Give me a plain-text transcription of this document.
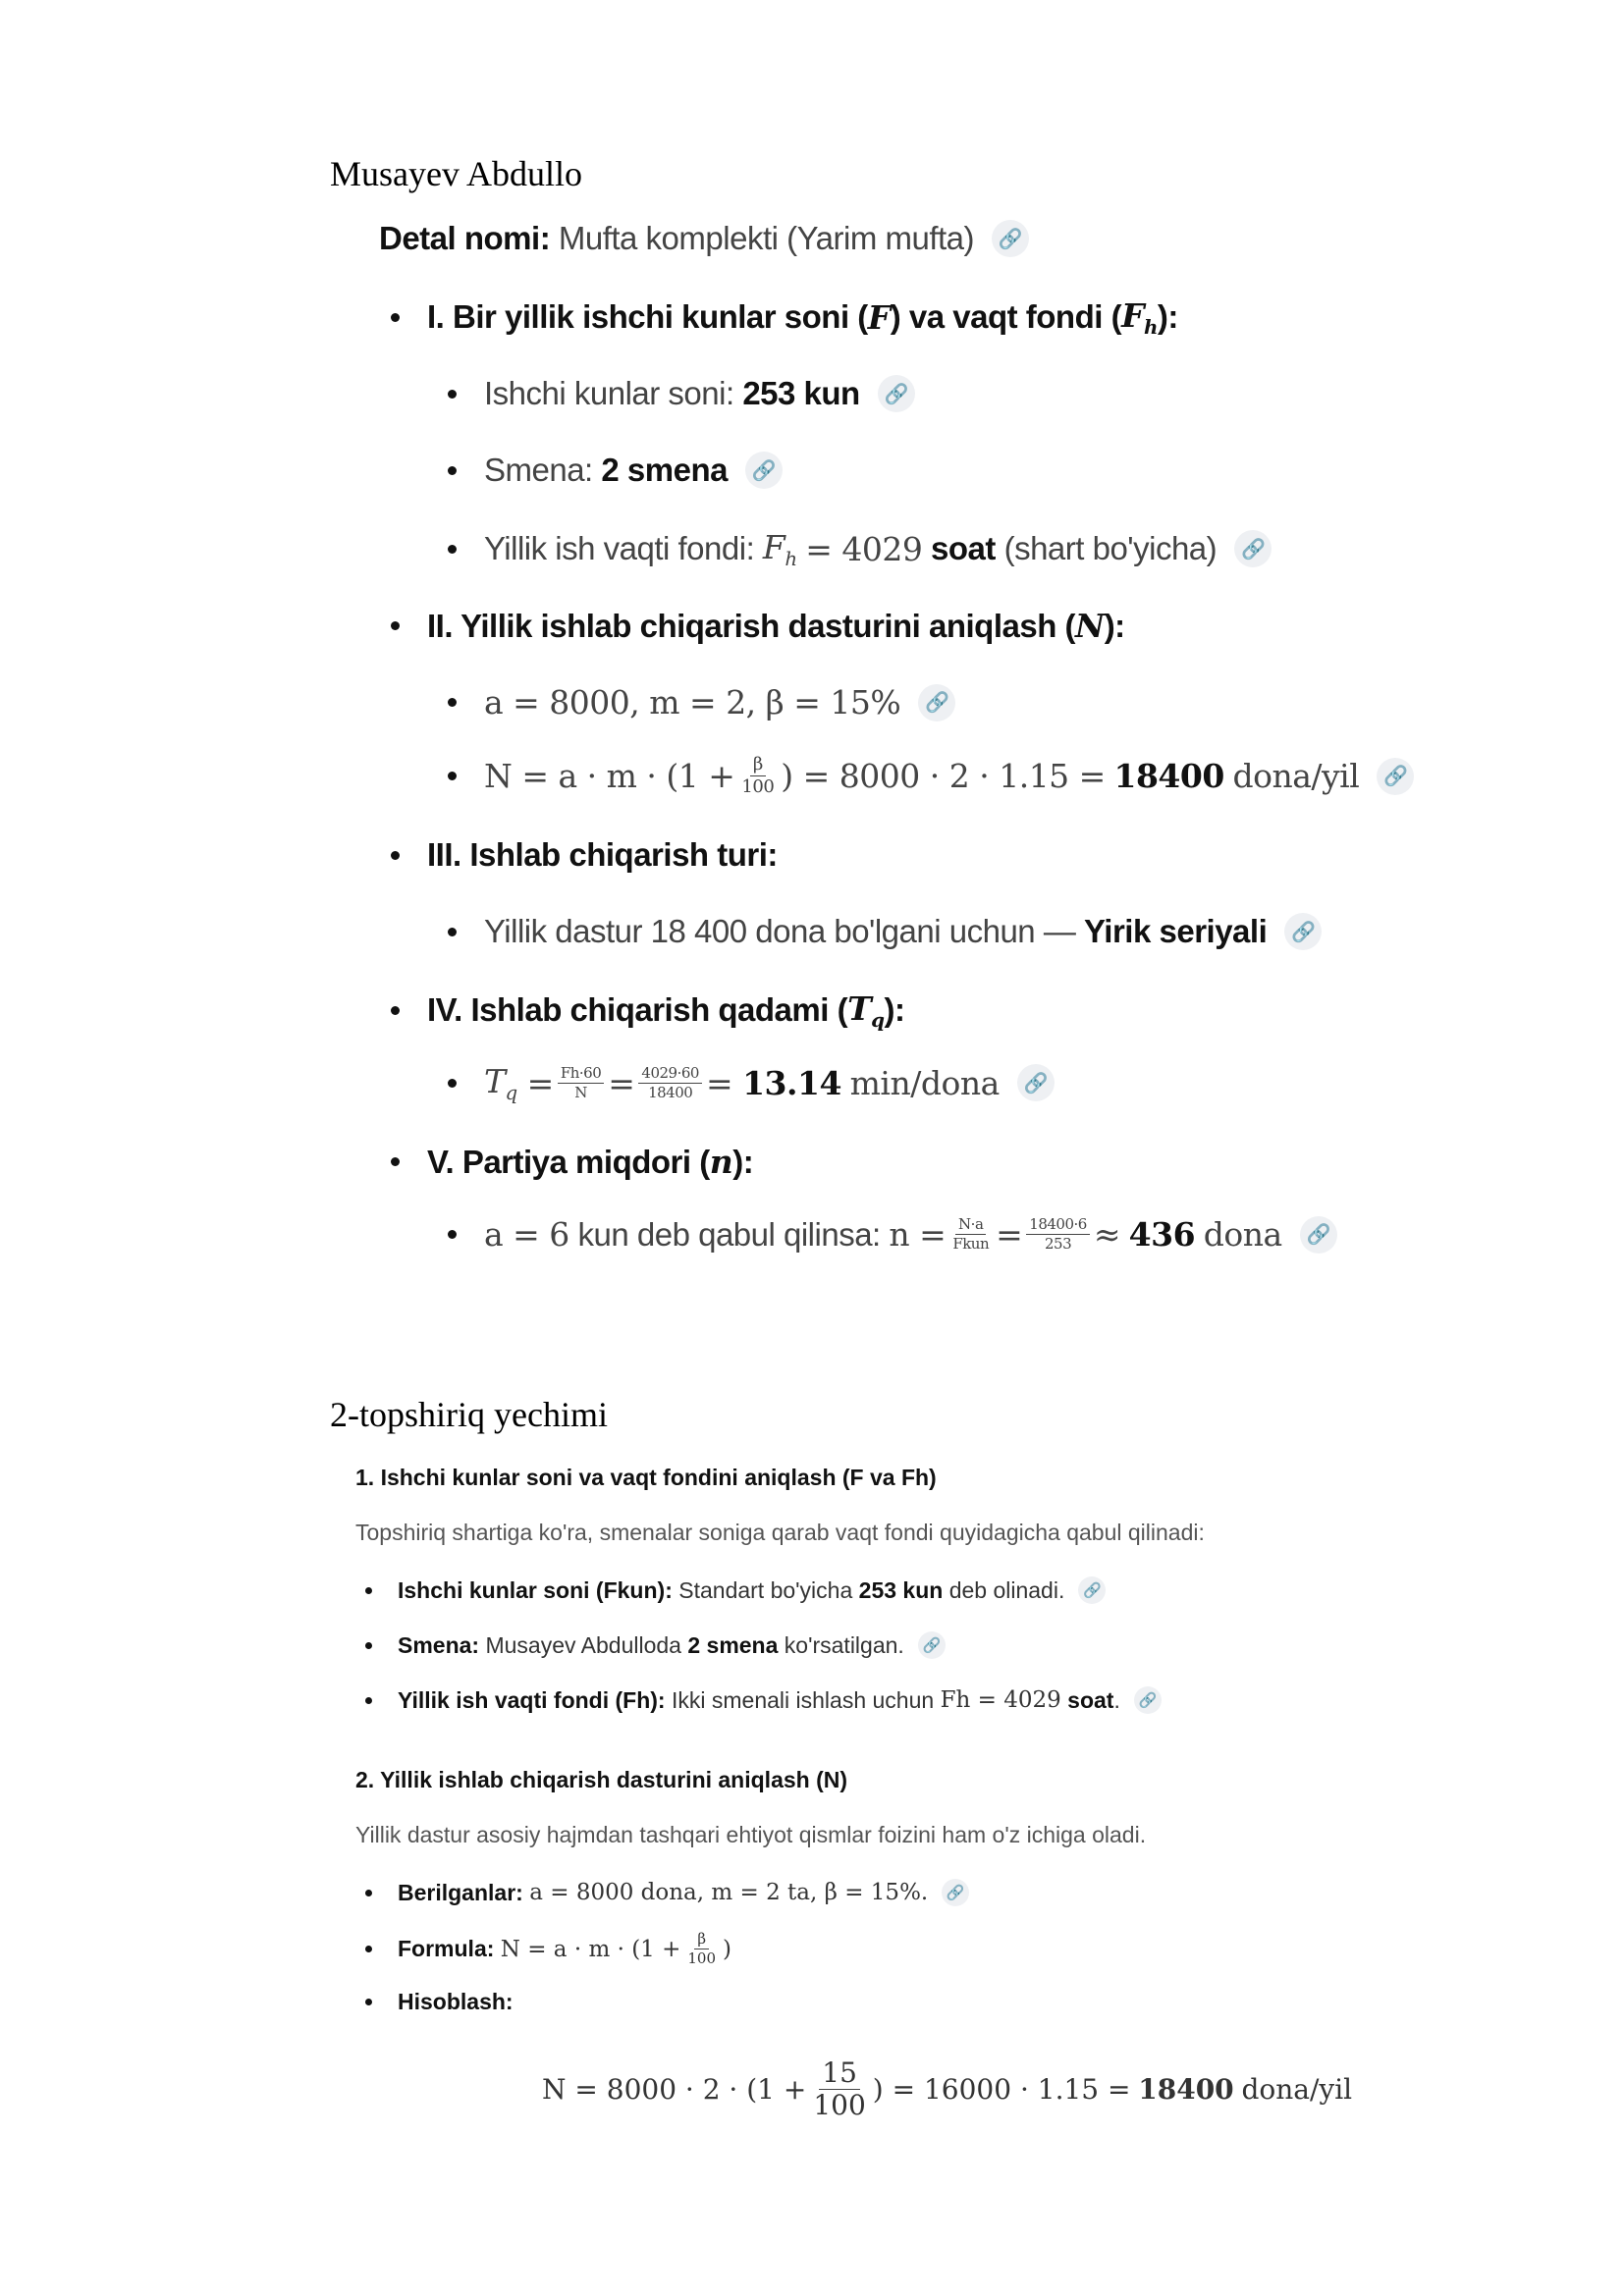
Musayev Abdullo
Detal nomi:
Mufta komplekti (Yarim mufta)	🔗
I. Bir yillik ishchi kunlar soni ( F ) va vaqt fondi ( $F_h$ ):
Ishchi kunlar soni:
253 kun	🔗
Smena:
2 smena	🔗
Yillik ish vaqti fondi:
$F_h$
= 4029
soat
(shart bo'yicha)	🔗
II. Yillik ishlab chiqarish dasturini aniqlash ( N ):
a = 8000, m = 2, β = 15%	🔗
$N = a \cdot m \cdot (1 + \frac{\beta}{100}$ ) = 8000 · 2 · 1.15 =
18400
dona/yil	🔗
III. Ishlab chiqarish turi:
Yillik dastur 18 400 dona bo'lgani uchun —
Yirik seriyali	🔗
IV. Ishlab chiqarish qadami ( $T_q$ ):
$T_q = \frac{Fh\cdot 60}{N} = \frac{4029\cdot 60}{18400} = 13.14$
min/dona	🔗
V. Partiya miqdori ( n ):
a = 6
kun deb qabul qilinsa:
$n = \frac{N\cdot a}{\text{Fkun}} = \frac{18400\cdot 6}{253}$ ≈
436
dona	🔗
2-topshiriq yechimi
1. Ishchi kunlar soni va vaqt fondini aniqlash (F va Fh)
Topshiriq shartiga ko'ra, smenalar soniga qarab vaqt fondi quyidagicha qabul qilinadi:
Ishchi kunlar soni (Fkun):
Standart bo'yicha
253 kun
deb olinadi.	🔗
Smena:
Musayev Abdulloda
2 smena
ko'rsatilgan.	🔗
Yillik ish vaqti fondi (Fh):
Ikki smenali ishlash uchun
Fh = 4029
soat .	🔗
2. Yillik ishlab chiqarish dasturini aniqlash (N)
Yillik dastur asosiy hajmdan tashqari ehtiyot qismlar foizini ham o'z ichiga oladi.
Berilganlar:
a = 8000 dona, m = 2 ta, β = 15%.	🔗
Formula:
$N = a \cdot m \cdot (1 + \frac{\beta}{100}$ )
Hisoblash:
$N = 8000 \cdot 2 \cdot (1 + \frac{15}{100}$ ) = 16000 · 1.15 =
18400
dona/yil
